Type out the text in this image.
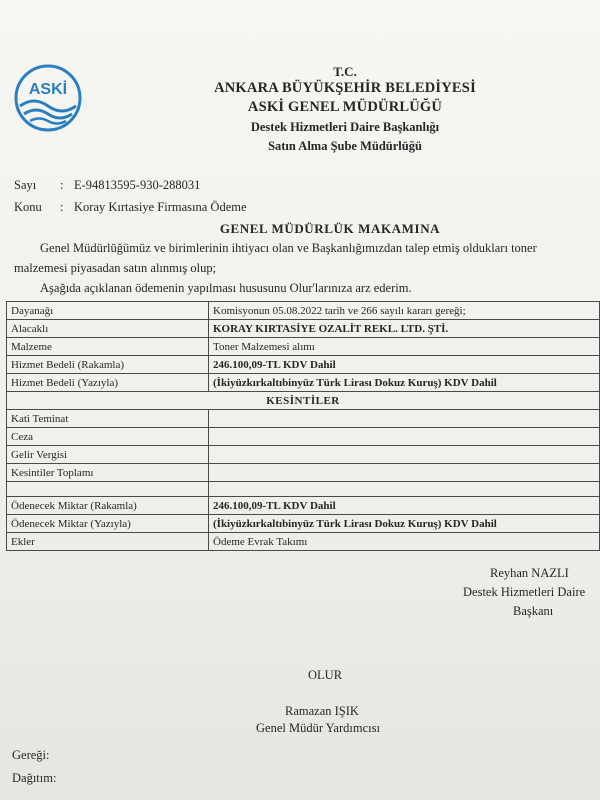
ASKİ
T.C.
ANKARA BÜYÜKŞEHİR BELEDİYESİ
ASKİ GENEL MÜDÜRLÜĞÜ
Destek Hizmetleri Daire Başkanlığı
Satın Alma Şube Müdürlüğü
Sayı : E-94813595-930-288031
Konu : Koray Kırtasiye Firmasına Ödeme
GENEL MÜDÜRLÜK MAKAMINA
Genel Müdürlüğümüz ve birimlerinin ihtiyacı olan ve Başkanlığımızdan talep etmiş oldukları toner
malzemesi piyasadan satın alınmış olup;
Aşağıda açıklanan ödemenin yapılması hususunu Olur'larınıza arz ederim.
Dayanağı	Komisyonun 05.08.2022 tarih ve 266 sayılı kararı gereği;
Alacaklı	KORAY KIRTASİYE OZALİT REKL. LTD. ŞTİ.
Malzeme	Toner Malzemesi alımı
Hizmet Bedeli (Rakamla)	246.100,09-TL KDV Dahil
Hizmet Bedeli (Yazıyla)	(İkiyüzkırkaltıbinyüz Türk Lirası Dokuz Kuruş) KDV Dahil
KESİNTİLER	
Kati Teminat	
Ceza	
Gelir Vergisi	
Kesintiler Toplamı	

Ödenecek Miktar (Rakamla)	246.100,09-TL KDV Dahil
Ödenecek Miktar (Yazıyla)	(İkiyüzkırkaltıbinyüz Türk Lirası Dokuz Kuruş) KDV Dahil
Ekler	Ödeme Evrak Takımı
Reyhan NAZLI
Destek Hizmetleri Daire
Başkanı
OLUR
Ramazan IŞIK
Genel Müdür Yardımcısı
Gereği:
Dağıtım:
